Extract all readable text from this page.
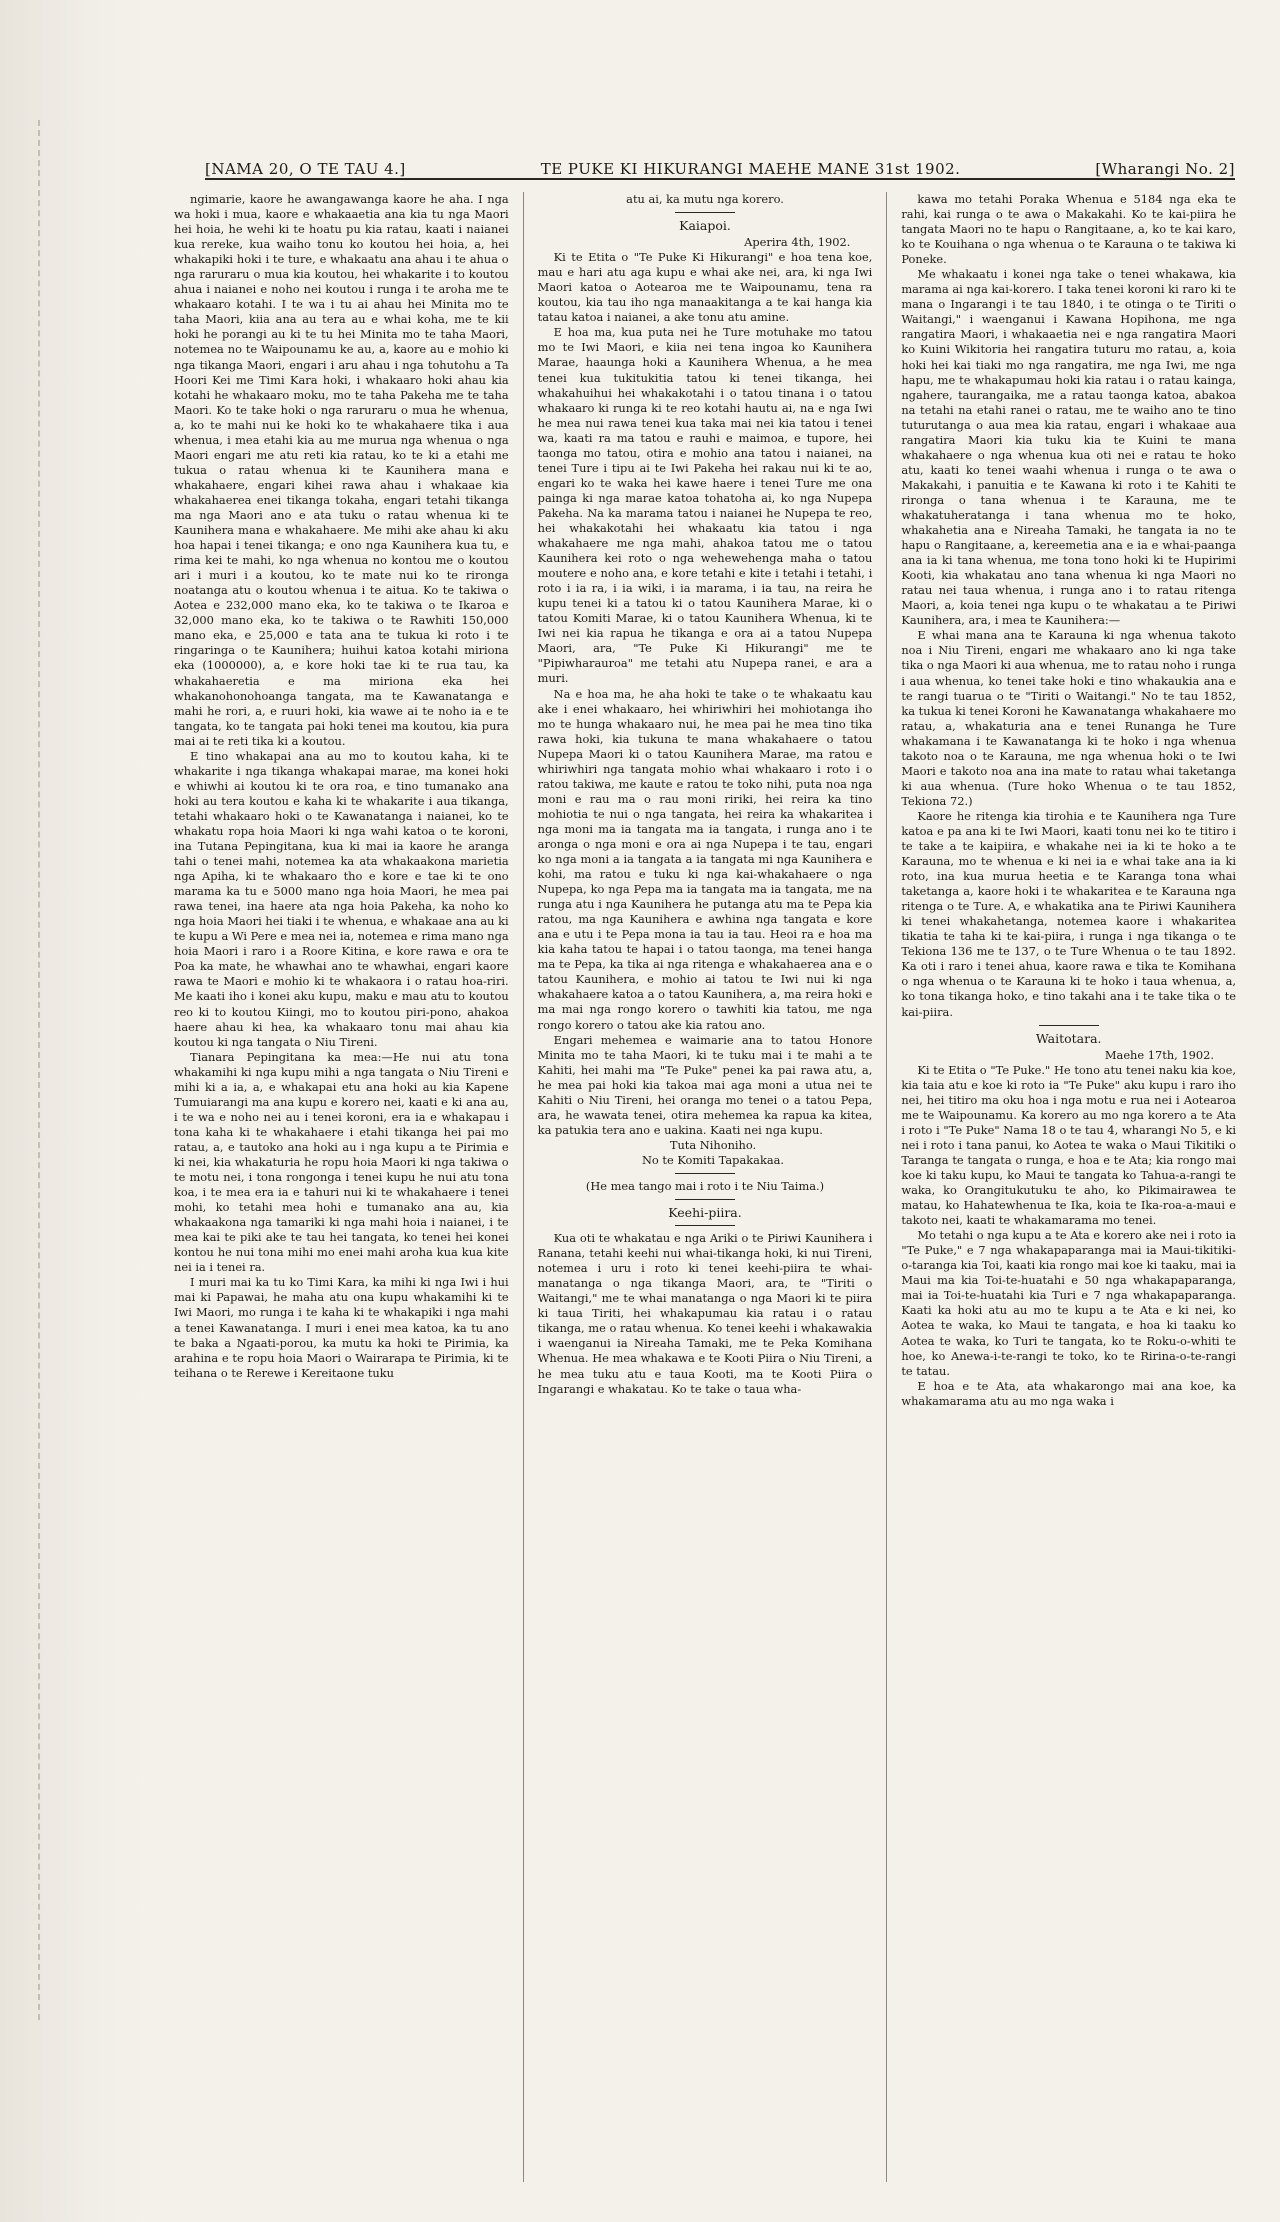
[NAMA 20, O TE TAU 4.]	TE PUKE KI HIKURANGI MAEHE MANE 31st 1902.	[Wharangi No. 2]

ngimarie, kaore he awangawanga kaore he aha. I nga wa hoki i mua, kaore e whakaaetia ana kia tu nga Maori hei hoia, he wehi ki te hoatu pu kia ratau, kaati i naianei kua rereke, kua waiho tonu ko koutou hei hoia, a, hei whakapiki hoki i te ture, e whakaatu ana ahau i te ahua o nga raruraru o mua kia koutou, hei whakarite i to koutou ahua i naianei e noho nei koutou i runga i te aroha me te whakaaro kotahi. I te wa i tu ai ahau hei Minita mo te taha Maori, kiia ana au tera au e whai koha, me te kii hoki he porangi au ki te tu hei Minita mo te taha Maori, notemea no te Waipounamu ke au, a, kaore au e mohio ki nga tikanga Maori, engari i aru ahau i nga tohutohu a Ta Hoori Kei me Timi Kara hoki, i whakaaro hoki ahau kia kotahi he whakaaro moku, mo te taha Pakeha me te taha Maori. Ko te take hoki o nga raruraru o mua he whenua, a, ko te mahi nui ke hoki ko te whakahaere tika i aua whenua, i mea etahi kia au me murua nga whenua o nga Maori engari me atu reti kia ratau, ko te ki a etahi me tukua o ratau whenua ki te Kaunihera mana e whakahaere, engari kihei rawa ahau i whakaae kia whakahaerea enei tikanga tokaha, engari tetahi tikanga ma nga Maori ano e ata tuku o ratau whenua ki te Kaunihera mana e whakahaere. Me mihi ake ahau ki aku hoa hapai i tenei tikanga; e ono nga Kaunihera kua tu, e rima kei te mahi, ko nga whenua no kontou me o koutou ari i muri i a koutou, ko te mate nui ko te rironga noatanga atu o koutou whenua i te aitua. Ko te takiwa o Aotea e 232,000 mano eka, ko te takiwa o te Ikaroa e 32,000 mano eka, ko te takiwa o te Rawhiti 150,000 mano eka, e 25,000 e tata ana te tukua ki roto i te ringaringa o te Kaunihera; huihui katoa kotahi miriona eka (1000000), a, e kore hoki tae ki te rua tau, ka whakahaeretia e ma miriona eka hei whakanohonohoanga tangata, ma te Kawanatanga e mahi he rori, a, e ruuri hoki, kia wawe ai te noho ia e te tangata, ko te tangata pai hoki tenei ma koutou, kia pura mai ai te reti tika ki a koutou.

E tino whakapai ana au mo to koutou kaha, ki te whakarite i nga tikanga whakapai marae, ma konei hoki e whiwhi ai koutou ki te ora roa, e tino tumanako ana hoki au tera koutou e kaha ki te whakarite i aua tikanga, tetahi whakaaro hoki o te Kawanatanga i naianei, ko te whakatu ropa hoia Maori ki nga wahi katoa o te koroni, ina Tutana Pepingitana, kua ki mai ia kaore he aranga tahi o tenei mahi, notemea ka ata whakaakona marietia nga Apiha, ki te whakaaro tho e kore e tae ki te ono marama ka tu e 5000 mano nga hoia Maori, he mea pai rawa tenei, ina haere ata nga hoia Pakeha, ka noho ko nga hoia Maori hei tiaki i te whenua, e whakaae ana au ki te kupu a Wi Pere e mea nei ia, notemea e rima mano nga hoia Maori i raro i a Roore Kitina, e kore rawa e ora te Poa ka mate, he whawhai ano te whawhai, engari kaore rawa te Maori e mohio ki te whakaora i o ratau hoa-riri. Me kaati iho i konei aku kupu, maku e mau atu to koutou reo ki to koutou Kiingi, mo to koutou piri-pono, ahakoa haere ahau ki hea, ka whakaaro tonu mai ahau kia koutou ki nga tangata o Niu Tireni.

Tianara Pepingitana ka mea:—He nui atu tona whakamihi ki nga kupu mihi a nga tangata o Niu Tireni e mihi ki a ia, a, e whakapai etu ana hoki au kia Kapene Tumuiarangi ma ana kupu e korero nei, kaati e ki ana au, i te wa e noho nei au i tenei koroni, era ia e whakapau i tona kaha ki te whakahaere i etahi tikanga hei pai mo ratau, a, e tautoko ana hoki au i nga kupu a te Pirimia e ki nei, kia whakaturia he ropu hoia Maori ki nga takiwa o te motu nei, i tona rongonga i tenei kupu he nui atu tona koa, i te mea era ia e tahuri nui ki te whakahaere i tenei mohi, ko tetahi mea hohi e tumanako ana au, kia whakaakona nga tamariki ki nga mahi hoia i naianei, i te mea kai te piki ake te tau hei tangata, ko tenei hei konei kontou he nui tona mihi mo enei mahi aroha kua kua kite nei ia i tenei ra.

I muri mai ka tu ko Timi Kara, ka mihi ki nga Iwi i hui mai ki Papawai, he maha atu ona kupu whakamihi ki te Iwi Maori, mo runga i te kaha ki te whakapiki i nga mahi a tenei Kawanatanga. I muri i enei mea katoa, ka tu ano te baka a Ngaati-porou, ka mutu ka hoki te Pirimia, ka arahina e te ropu hoia Maori o Wairarapa te Pirimia, ki te teihana o te Rerewe i Kereitaone tuku

atu ai, ka mutu nga korero.

Kaiapoi.

Aperira 4th, 1902.

Ki te Etita o "Te Puke Ki Hikurangi" e hoa tena koe, mau e hari atu aga kupu e whai ake nei, ara, ki nga Iwi Maori katoa o Aotearoa me te Waipounamu, tena ra koutou, kia tau iho nga manaakitanga a te kai hanga kia tatau katoa i naianei, a ake tonu atu amine.

E hoa ma, kua puta nei he Ture motuhake mo tatou mo te Iwi Maori, e kiia nei tena ingoa ko Kaunihera Marae, haaunga hoki a Kaunihera Whenua, a he mea tenei kua tukitukitia tatou ki tenei tikanga, hei whakahuihui hei whakakotahi i o tatou tinana i o tatou whakaaro ki runga ki te reo kotahi hautu ai, na e nga Iwi he mea nui rawa tenei kua taka mai nei kia tatou i tenei wa, kaati ra ma tatou e rauhi e maimoa, e tupore, hei taonga mo tatou, otira e mohio ana tatou i naianei, na tenei Ture i tipu ai te Iwi Pakeha hei rakau nui ki te ao, engari ko te waka hei kawe haere i tenei Ture me ona painga ki nga marae katoa tohatoha ai, ko nga Nupepa Pakeha. Na ka marama tatou i naianei he Nupepa te reo, hei whakakotahi hei whakaatu kia tatou i nga whakahaere me nga mahi, ahakoa tatou me o tatou Kaunihera kei roto o nga wehewehenga maha o tatou moutere e noho ana, e kore tetahi e kite i tetahi i tetahi, i roto i ia ra, i ia wiki, i ia marama, i ia tau, na reira he kupu tenei ki a tatou ki o tatou Kaunihera Marae, ki o tatou Komiti Marae, ki o tatou Kaunihera Whenua, ki te Iwi nei kia rapua he tikanga e ora ai a tatou Nupepa Maori, ara, "Te Puke Ki Hikurangi" me te "Pipiwharauroa" me tetahi atu Nupepa ranei, e ara a muri.

Na e hoa ma, he aha hoki te take o te whakaatu kau ake i enei whakaaro, hei whiriwhiri hei mohiotanga iho mo te hunga whakaaro nui, he mea pai he mea tino tika rawa hoki, kia tukuna te mana whakahaere o tatou Nupepa Maori ki o tatou Kaunihera Marae, ma ratou e whiriwhiri nga tangata mohio whai whakaaro i roto i o ratou takiwa, me kaute e ratou te toko nihi, puta noa nga moni e rau ma o rau moni ririki, hei reira ka tino mohiotia te nui o nga tangata, hei reira ka whakaritea i nga moni ma ia tangata ma ia tangata, i runga ano i te aronga o nga moni e ora ai nga Nupepa i te tau, engari ko nga moni a ia tangata a ia tangata mi nga Kaunihera e kohi, ma ratou e tuku ki nga kai-whakahaere o nga Nupepa, ko nga Pepa ma ia tangata ma ia tangata, me na runga atu i nga Kaunihera he putanga atu ma te Pepa kia ratou, ma nga Kaunihera e awhina nga tangata e kore ana e utu i te Pepa mona ia tau ia tau. Heoi ra e hoa ma kia kaha tatou te hapai i o tatou taonga, ma tenei hanga ma te Pepa, ka tika ai nga ritenga e whakahaerea ana e o tatou Kaunihera, e mohio ai tatou te Iwi nui ki nga whakahaere katoa a o tatou Kaunihera, a, ma reira hoki e ma mai nga rongo korero o tawhiti kia tatou, me nga rongo korero o tatou ake kia ratou ano.

Engari mehemea e waimarie ana to tatou Honore Minita mo te taha Maori, ki te tuku mai i te mahi a te Kahiti, hei mahi ma "Te Puke" penei ka pai rawa atu, a, he mea pai hoki kia takoa mai aga moni a utua nei te Kahiti o Niu Tireni, hei oranga mo tenei o a tatou Pepa, ara, he wawata tenei, otira mehemea ka rapua ka kitea, ka patukia tera ano e uakina. Kaati nei nga kupu.

Tuta Nihoniho.

No te Komiti Tapakakaa.

(He mea tango mai i roto i te Niu Taima.)

Keehi-piira.

Kua oti te whakatau e nga Ariki o te Piriwi Kaunihera i Ranana, tetahi keehi nui whai-tikanga hoki, ki nui Tireni, notemea i uru i roto ki tenei keehi-piira te whai-manatanga o nga tikanga Maori, ara, te "Tiriti o Waitangi," me te whai manatanga o nga Maori ki te piira ki taua Tiriti, hei whakapumau kia ratau i o ratau tikanga, me o ratau whenua. Ko tenei keehi i whakawakia i waenganui ia Nireaha Tamaki, me te Peka Komihana Whenua. He mea whakawa e te Kooti Piira o Niu Tireni, a he mea tuku atu e taua Kooti, ma te Kooti Piira o Ingarangi e whakatau. Ko te take o taua wha-

kawa mo tetahi Poraka Whenua e 5184 nga eka te rahi, kai runga o te awa o Makakahi. Ko te kai-piira he tangata Maori no te hapu o Rangitaane, a, ko te kai karo, ko te Kouihana o nga whenua o te Karauna o te takiwa ki Poneke.

Me whakaatu i konei nga take o tenei whakawa, kia marama ai nga kai-korero. I taka tenei koroni ki raro ki te mana o Ingarangi i te tau 1840, i te otinga o te Tiriti o Waitangi," i waenganui i Kawana Hopihona, me nga rangatira Maori, i whakaaetia nei e nga rangatira Maori ko Kuini Wikitoria hei rangatira tuturu mo ratau, a, koia hoki hei kai tiaki mo nga rangatira, me nga Iwi, me nga hapu, me te whakapumau hoki kia ratau i o ratau kainga, ngahere, taurangaika, me a ratau taonga katoa, abakoa na tetahi na etahi ranei o ratau, me te waiho ano te tino tuturutanga o aua mea kia ratau, engari i whakaae aua rangatira Maori kia tuku kia te Kuini te mana whakahaere o nga whenua kua oti nei e ratau te hoko atu, kaati ko tenei waahi whenua i runga o te awa o Makakahi, i panuitia e te Kawana ki roto i te Kahiti te rironga o tana whenua i te Karauna, me te whakatuheratanga i tana whenua mo te hoko, whakahetia ana e Nireaha Tamaki, he tangata ia no te hapu o Rangitaane, a, kereemetia ana e ia e whai-paanga ana ia ki tana whenua, me tona tono hoki ki te Hupirimi Kooti, kia whakatau ano tana whenua ki nga Maori no ratau nei taua whenua, i runga ano i to ratau ritenga Maori, a, koia tenei nga kupu o te whakatau a te Piriwi Kaunihera, ara, i mea te Kaunihera:—

E whai mana ana te Karauna ki nga whenua takoto noa i Niu Tireni, engari me whakaaro ano ki nga take tika o nga Maori ki aua whenua, me to ratau noho i runga i aua whenua, ko tenei take hoki e tino whakaukia ana e te rangi tuarua o te "Tiriti o Waitangi." No te tau 1852, ka tukua ki tenei Koroni he Kawanatanga whakahaere mo ratau, a, whakaturia ana e tenei Runanga he Ture whakamana i te Kawanatanga ki te hoko i nga whenua takoto noa o te Karauna, me nga whenua hoki o te Iwi Maori e takoto noa ana ina mate to ratau whai taketanga ki aua whenua. (Ture hoko Whenua o te tau 1852, Tekiona 72.)

Kaore he ritenga kia tirohia e te Kaunihera nga Ture katoa e pa ana ki te Iwi Maori, kaati tonu nei ko te titiro i te take a te kaipiira, e whakahe nei ia ki te hoko a te Karauna, mo te whenua e ki nei ia e whai take ana ia ki roto, ina kua murua heetia e te Karanga tona whai taketanga a, kaore hoki i te whakaritea e te Karauna nga ritenga o te Ture. A, e whakatika ana te Piriwi Kaunihera ki tenei whakahetanga, notemea kaore i whakaritea tikatia te taha ki te kai-piira, i runga i nga tikanga o te Tekiona 136 me te 137, o te Ture Whenua o te tau 1892. Ka oti i raro i tenei ahua, kaore rawa e tika te Komihana o nga whenua o te Karauna ki te hoko i taua whenua, a, ko tona tikanga hoko, e tino takahi ana i te take tika o te kai-piira.

Waitotara.

Maehe 17th, 1902.

Ki te Etita o "Te Puke." He tono atu tenei naku kia koe, kia taia atu e koe ki roto ia "Te Puke" aku kupu i raro iho nei, hei titiro ma oku hoa i nga motu e rua nei i Aotearoa me te Waipounamu. Ka korero au mo nga korero a te Ata i roto i "Te Puke" Nama 18 o te tau 4, wharangi No 5, e ki nei i roto i tana panui, ko Aotea te waka o Maui Tikitiki o Taranga te tangata o runga, e hoa e te Ata; kia rongo mai koe ki taku kupu, ko Maui te tangata ko Tahua-a-rangi te waka, ko Orangitukutuku te aho, ko Pikimairawea te matau, ko Hahatewhenua te Ika, koia te Ika-roa-a-maui e takoto nei, kaati te whakamarama mo tenei.

Mo tetahi o nga kupu a te Ata e korero ake nei i roto ia "Te Puke," e 7 nga whakapaparanga mai ia Maui-tikitiki-o-taranga kia Toi, kaati kia rongo mai koe ki taaku, mai ia Maui ma kia Toi-te-huatahi e 50 nga whakapaparanga, mai ia Toi-te-huatahi kia Turi e 7 nga whakapaparanga. Kaati ka hoki atu au mo te kupu a te Ata e ki nei, ko Aotea te waka, ko Maui te tangata, e hoa ki taaku ko Aotea te waka, ko Turi te tangata, ko te Roku-o-whiti te hoe, ko Anewa-i-te-rangi te toko, ko te Ririna-o-te-rangi te tatau.

E hoa e te Ata, ata whakarongo mai ana koe, ka whakamarama atu au mo nga waka i
